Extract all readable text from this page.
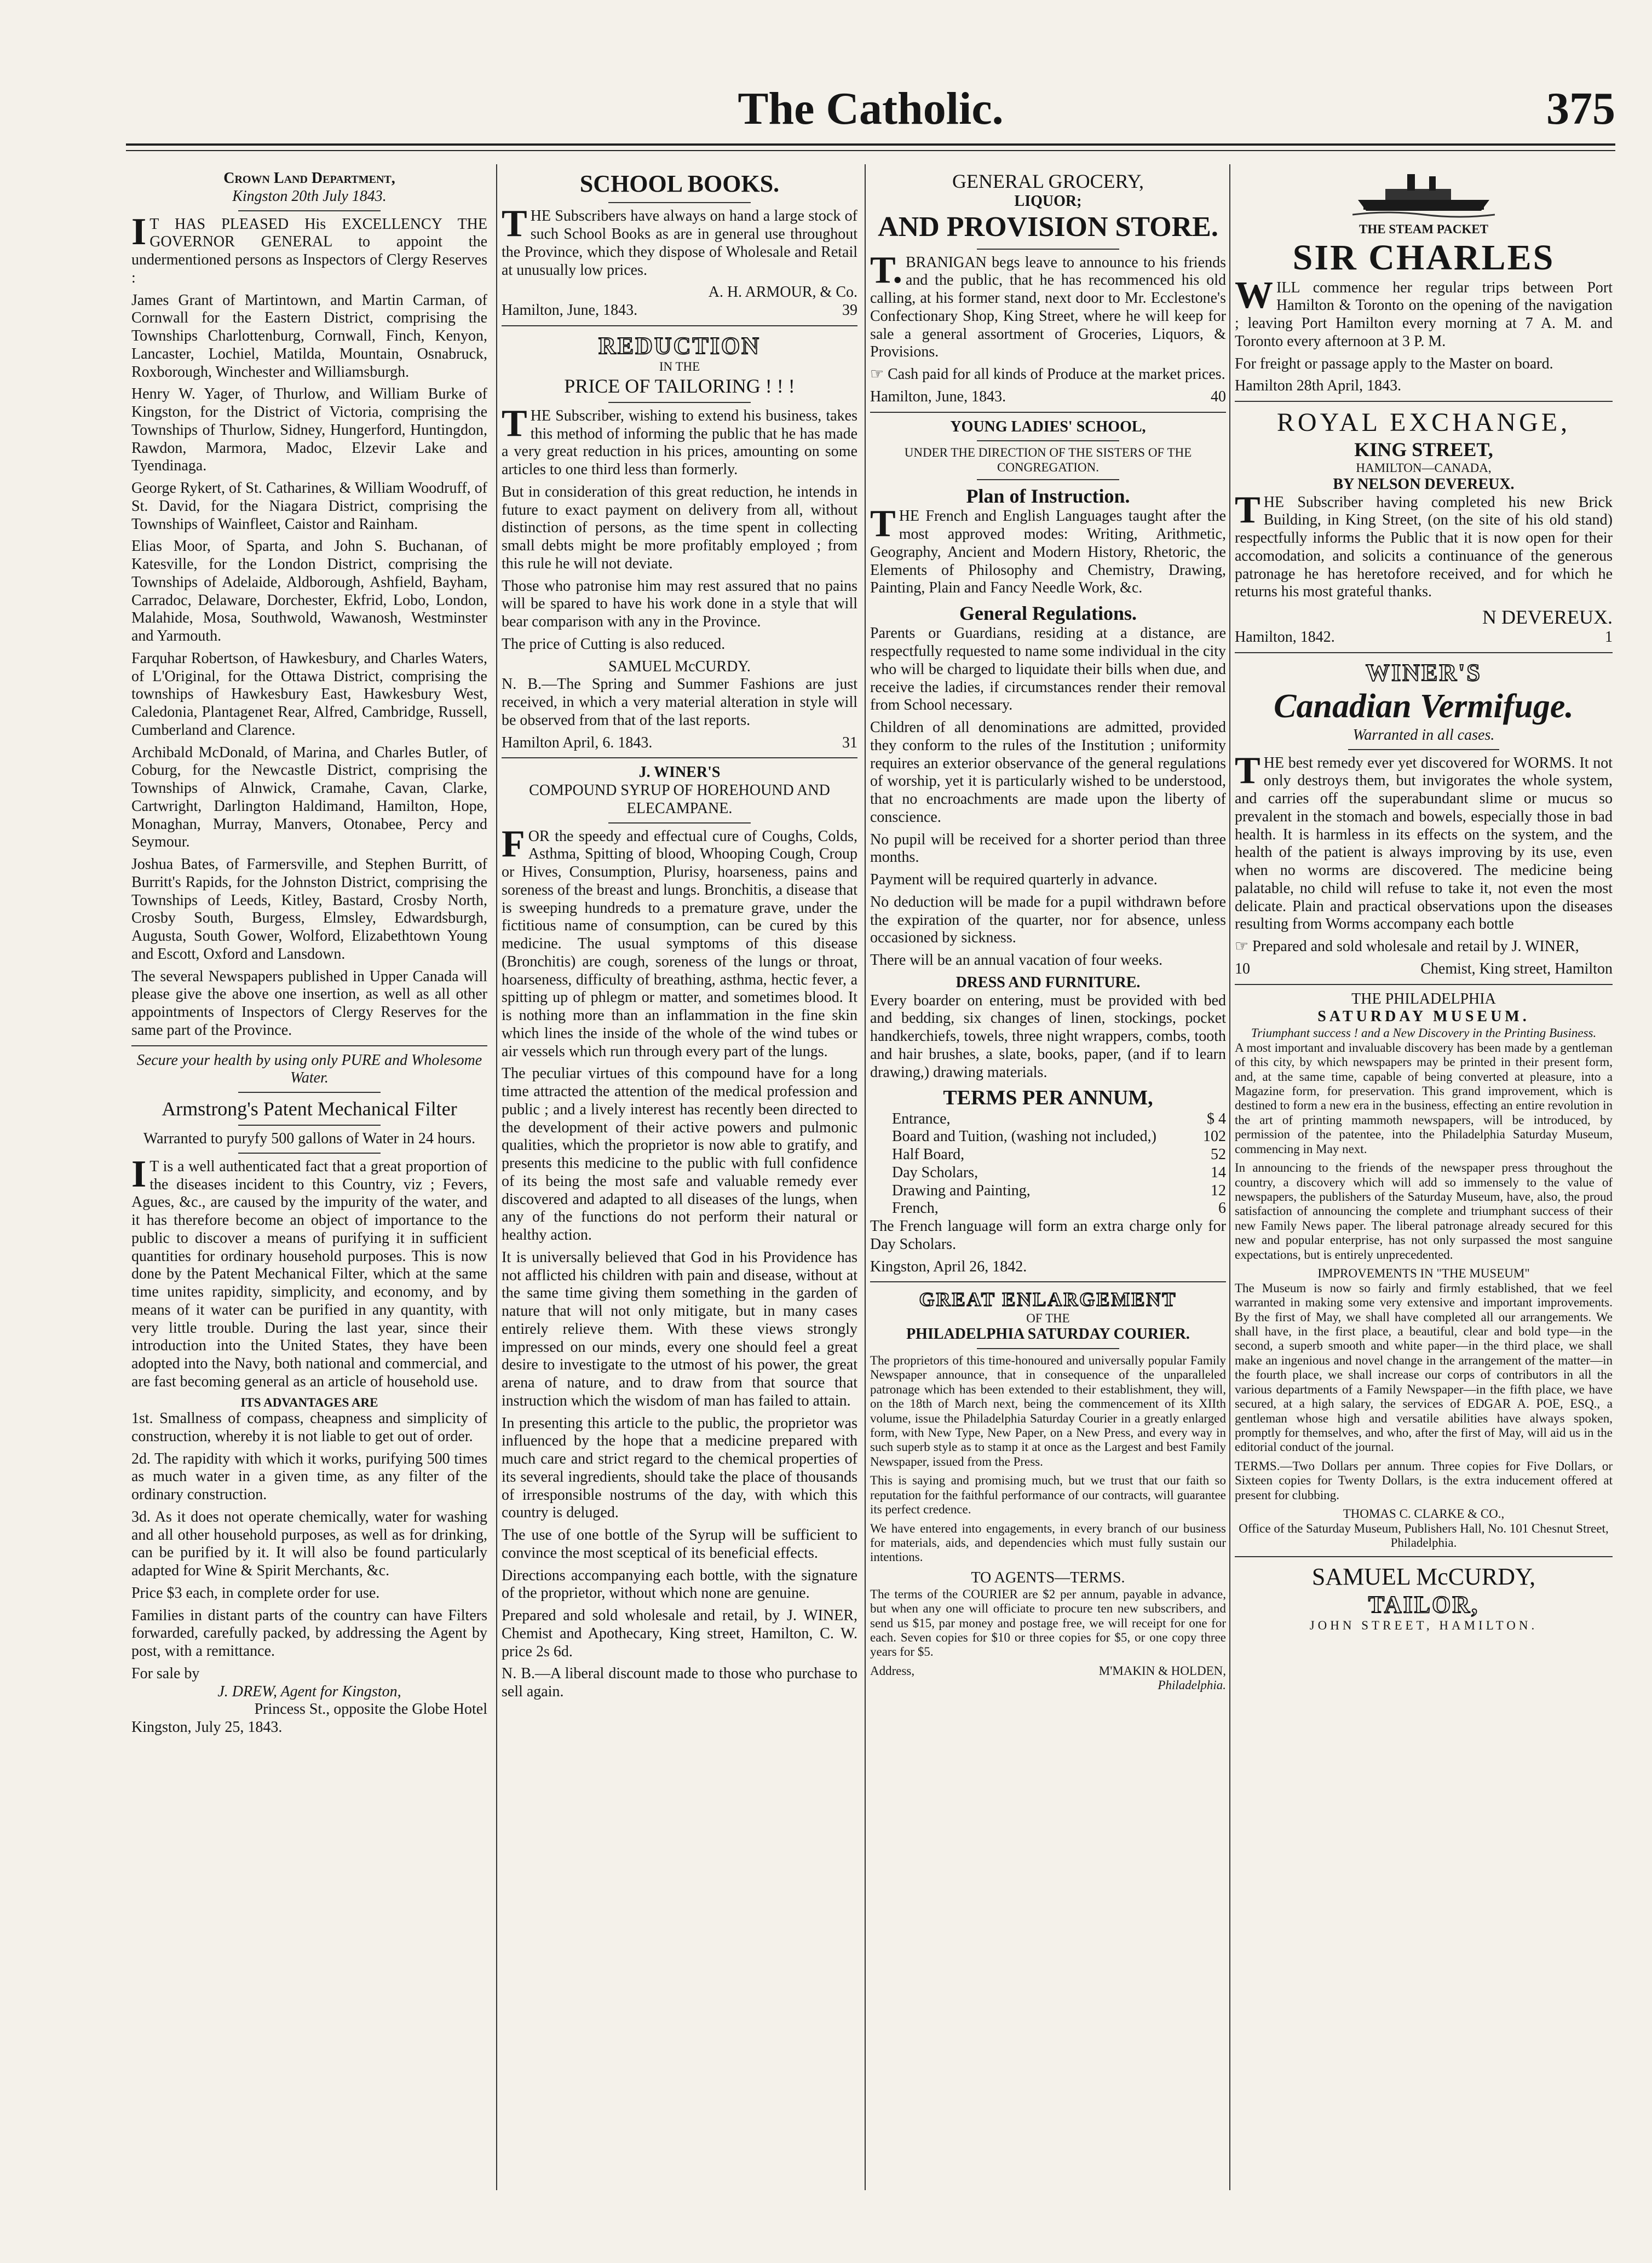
The Catholic.	375
Crown Land Department,
Kingston 20th July 1843.

IT HAS PLEASED His EXCELLENCY THE GOVERNOR GENERAL to appoint the undermentioned persons as Inspectors of Clergy Reserves :

James Grant of Martintown, and Martin Carman, of Cornwall for the Eastern District, comprising the Townships Charlottenburg, Cornwall, Finch, Kenyon, Lancaster, Lochiel, Matilda, Mountain, Osnabruck, Roxborough, Winchester and Williamsburgh.

Henry W. Yager, of Thurlow, and William Burke of Kingston, for the District of Victoria, comprising the Townships of Thurlow, Sidney, Hungerford, Huntingdon, Rawdon, Marmora, Madoc, Elzevir Lake and Tyendinaga.

George Rykert, of St. Catharines, & William Woodruff, of St. David, for the Niagara District, comprising the Townships of Wainfleet, Caistor and Rainham.

Elias Moor, of Sparta, and John S. Buchanan, of Katesville, for the London District, comprising the Townships of Adelaide, Aldborough, Ashfield, Bayham, Carradoc, Delaware, Dorchester, Ekfrid, Lobo, London, Malahide, Mosa, Southwold, Wawanosh, Westminster and Yarmouth.

Farquhar Robertson, of Hawkesbury, and Charles Waters, of L'Original, for the Ottawa District, comprising the townships of Hawkesbury East, Hawkesbury West, Caledonia, Plantagenet Rear, Alfred, Cambridge, Russell, Cumberland and Clarence.

Archibald McDonald, of Marina, and Charles Butler, of Coburg, for the Newcastle District, comprising the Townships of Alnwick, Cramahe, Cavan, Clarke, Cartwright, Darlington Haldimand, Hamilton, Hope, Monaghan, Murray, Manvers, Otonabee, Percy and Seymour.

Joshua Bates, of Farmersville, and Stephen Burritt, of Burritt's Rapids, for the Johnston District, comprising the Townships of Leeds, Kitley, Bastard, Crosby North, Crosby South, Burgess, Elmsley, Edwardsburgh, Augusta, South Gower, Wolford, Elizabethtown Young and Escott, Oxford and Lansdown.

The several Newspapers published in Upper Canada will please give the above one insertion, as well as all other appointments of Inspectors of Clergy Reserves for the same part of the Province.

Secure your health by using only PURE and Wholesome Water.
Armstrong's Patent Mechanical Filter
Warranted to puryfy 500 gallons of Water in 24 hours.

IT is a well authenticated fact that a great proportion of the diseases incident to this Country, viz ; Fevers, Agues, &c., are caused by the impurity of the water, and it has therefore become an object of importance to the public to discover a means of purifying it in sufficient quantities for ordinary household purposes. This is now done by the Patent Mechanical Filter, which at the same time unites rapidity, simplicity, and economy, and by means of it water can be purified in any quantity, with very little trouble. During the last year, since their introduction into the United States, they have been adopted into the Navy, both national and commercial, and are fast becoming general as an article of household use.

ITS ADVANTAGES ARE

1st. Smallness of compass, cheapness and simplicity of construction, whereby it is not liable to get out of order.

2d. The rapidity with which it works, purifying 500 times as much water in a given time, as any filter of the ordinary construction.

3d. As it does not operate chemically, water for washing and all other household purposes, as well as for drinking, can be purified by it. It will also be found particularly adapted for Wine & Spirit Merchants, &c.

Price $3 each, in complete order for use.

Families in distant parts of the country can have Filters forwarded, carefully packed, by addressing the Agent by post, with a remittance.

For sale by
J. DREW, Agent for Kingston,
Princess St., opposite the Globe Hotel
Kingston, July 25, 1843.
SCHOOL BOOKS.

THE Subscribers have always on hand a large stock of such School Books as are in general use throughout the Province, which they dispose of Wholesale and Retail at unusually low prices.

A. H. ARMOUR, & Co.
Hamilton, June, 1843.	39
REDUCTION
IN THE
PRICE OF TAILORING ! ! !

THE Subscriber, wishing to extend his business, takes this method of informing the public that he has made a very great reduction in his prices, amounting on some articles to one third less than formerly.

But in consideration of this great reduction, he intends in future to exact payment on delivery from all, without distinction of persons, as the time spent in collecting small debts might be more profitably employed ; from this rule he will not deviate.

Those who patronise him may rest assured that no pains will be spared to have his work done in a style that will bear comparison with any in the Province.

The price of Cutting is also reduced.

SAMUEL McCURDY.

N. B.—The Spring and Summer Fashions are just received, in which a very material alteration in style will be observed from that of the last reports.

Hamilton April, 6. 1843.	31
J. WINER'S
COMPOUND SYRUP OF HOREHOUND AND ELECAMPANE.

FOR the speedy and effectual cure of Coughs, Colds, Asthma, Spitting of blood, Whooping Cough, Croup or Hives, Consumption, Plurisy, hoarseness, pains and soreness of the breast and lungs. Bronchitis, a disease that is sweeping hundreds to a premature grave, under the fictitious name of consumption, can be cured by this medicine. The usual symptoms of this disease (Bronchitis) are cough, soreness of the lungs or throat, hoarseness, difficulty of breathing, asthma, hectic fever, a spitting up of phlegm or matter, and sometimes blood. It is nothing more than an inflammation in the fine skin which lines the inside of the whole of the wind tubes or air vessels which run through every part of the lungs.

The peculiar virtues of this compound have for a long time attracted the attention of the medical profession and public ; and a lively interest has recently been directed to the development of their active powers and pulmonic qualities, which the proprietor is now able to gratify, and presents this medicine to the public with full confidence of its being the most safe and valuable remedy ever discovered and adapted to all diseases of the lungs, when any of the functions do not perform their natural or healthy action.

It is universally believed that God in his Providence has not afflicted his children with pain and disease, without at the same time giving them something in the garden of nature that will not only mitigate, but in many cases entirely relieve them. With these views strongly impressed on our minds, every one should feel a great desire to investigate to the utmost of his power, the great arena of nature, and to draw from that source that instruction which the wisdom of man has failed to attain.

In presenting this article to the public, the proprietor was influenced by the hope that a medicine prepared with much care and strict regard to the chemical properties of its several ingredients, should take the place of thousands of irresponsible nostrums of the day, with which this country is deluged.

The use of one bottle of the Syrup will be sufficient to convince the most sceptical of its beneficial effects.

Directions accompanying each bottle, with the signature of the proprietor, without which none are genuine.

Prepared and sold wholesale and retail, by J. WINER, Chemist and Apothecary, King street, Hamilton, C. W. price 2s 6d.

N. B.—A liberal discount made to those who purchase to sell again.

GENERAL GROCERY,
LIQUOR;
AND PROVISION STORE.

T.BRANIGAN begs leave to announce to his friends and the public, that he has recommenced his old calling, at his former stand, next door to Mr. Ecclestone's Confectionary Shop, King Street, where he will keep for sale a general assortment of Groceries, Liquors, & Provisions.

☞ Cash paid for all kinds of Produce at the market prices.

Hamilton, June, 1843.	40
YOUNG LADIES' SCHOOL,
UNDER THE DIRECTION OF THE SISTERS OF THE CONGREGATION.
Plan of Instruction.

THE French and English Languages taught after the most approved modes: Writing, Arithmetic, Geography, Ancient and Modern History, Rhetoric, the Elements of Philosophy and Chemistry, Drawing, Painting, Plain and Fancy Needle Work, &c.

General Regulations.

Parents or Guardians, residing at a distance, are respectfully requested to name some individual in the city who will be charged to liquidate their bills when due, and receive the ladies, if circumstances render their removal from School necessary.

Children of all denominations are admitted, provided they conform to the rules of the Institution ; uniformity requires an exterior observance of the general regulations of worship, yet it is particularly wished to be understood, that no encroachments are made upon the liberty of conscience.

No pupil will be received for a shorter period than three months.

Payment will be required quarterly in advance.

No deduction will be made for a pupil withdrawn before the expiration of the quarter, nor for absence, unless occasioned by sickness.

There will be an annual vacation of four weeks.

DRESS AND FURNITURE.

Every boarder on entering, must be provided with bed and bedding, six changes of linen, stockings, pocket handkerchiefs, towels, three night wrappers, combs, tooth and hair brushes, a slate, books, paper, (and if to learn drawing,) drawing materials.

TERMS PER ANNUM,
Entrance,	$ 4
Board and Tuition, (washing not included,)	102
Half Board,	52
Day Scholars,	14
Drawing and Painting,	12
French,	6

The French language will form an extra charge only for Day Scholars.

Kingston, April 26, 1842.
GREAT ENLARGEMENT
OF THE
PHILADELPHIA SATURDAY COURIER.

The proprietors of this time-honoured and universally popular Family Newspaper announce, that in consequence of the unparalleled patronage which has been extended to their establishment, they will, on the 18th of March next, being the commencement of its XIIth volume, issue the Philadelphia Saturday Courier in a greatly enlarged form, with New Type, New Paper, on a New Press, and every way in such superb style as to stamp it at once as the Largest and best Family Newspaper, issued from the Press.

This is saying and promising much, but we trust that our faith so reputation for the faithful performance of our contracts, will guarantee its perfect credence.

We have entered into engagements, in every branch of our business for materials, aids, and dependencies which must fully sustain our intentions.

TO AGENTS—TERMS.

The terms of the COURIER are $2 per annum, payable in advance, but when any one will officiate to procure ten new subscribers, and send us $15, par money and postage free, we will receipt for one for each. Seven copies for $10 or three copies for $5, or one copy three years for $5.

Address,	M'MAKIN & HOLDEN,
Philadelphia.
THE STEAM PACKET
SIR CHARLES

WILL commence her regular trips between Port Hamilton & Toronto on the opening of the navigation ; leaving Port Hamilton every morning at 7 A. M. and Toronto every afternoon at 3 P. M.

For freight or passage apply to the Master on board.

Hamilton 28th April, 1843.
ROYAL EXCHANGE,
KING STREET,
HAMILTON—CANADA,
BY NELSON DEVEREUX.

THE Subscriber having completed his new Brick Building, in King Street, (on the site of his old stand) respectfully informs the Public that it is now open for their accomodation, and solicits a continuance of the generous patronage he has heretofore received, and for which he returns his most grateful thanks.

N DEVEREUX.
Hamilton, 1842.	1
WINER'S
Canadian Vermifuge.
Warranted in all cases.

THE best remedy ever yet discovered for WORMS. It not only destroys them, but invigorates the whole system, and carries off the superabundant slime or mucus so prevalent in the stomach and bowels, especially those in bad health. It is harmless in its effects on the system, and the health of the patient is always improving by its use, even when no worms are discovered. The medicine being palatable, no child will refuse to take it, not even the most delicate. Plain and practical observations upon the diseases resulting from Worms accompany each bottle

☞ Prepared and sold wholesale and retail by J. WINER,

10	Chemist, King street, Hamilton
THE PHILADELPHIA
SATURDAY MUSEUM.
Triumphant success ! and a New Discovery in the Printing Business.

A most important and invaluable discovery has been made by a gentleman of this city, by which newspapers may be printed in their present form, and, at the same time, capable of being converted at pleasure, into a Magazine form, for preservation. This grand improvement, which is destined to form a new era in the business, effecting an entire revolution in the art of printing mammoth newspapers, will be introduced, by permission of the patentee, into the Philadelphia Saturday Museum, commencing in May next.

In announcing to the friends of the newspaper press throughout the country, a discovery which will add so immensely to the value of newspapers, the publishers of the Saturday Museum, have, also, the proud satisfaction of announcing the complete and triumphant success of their new Family News paper. The liberal patronage already secured for this new and popular enterprise, has not only surpassed the most sanguine expectations, but is entirely unprecedented.

IMPROVEMENTS IN "THE MUSEUM"

The Museum is now so fairly and firmly established, that we feel warranted in making some very extensive and important improvements. By the first of May, we shall have completed all our arrangements. We shall have, in the first place, a beautiful, clear and bold type—in the second, a superb smooth and white paper—in the third place, we shall make an ingenious and novel change in the arrangement of the matter—in the fourth place, we shall increase our corps of contributors in all the various departments of a Family Newspaper—in the fifth place, we have secured, at a high salary, the services of EDGAR A. POE, ESQ., a gentleman whose high and versatile abilities have always spoken, promptly for themselves, and who, after the first of May, will aid us in the editorial conduct of the journal.

TERMS.—Two Dollars per annum. Three copies for Five Dollars, or Sixteen copies for Twenty Dollars, is the extra inducement offered at present for clubbing.

THOMAS C. CLARKE & CO.,
Office of the Saturday Museum, Publishers Hall, No. 101 Chesnut Street, Philadelphia.
SAMUEL McCURDY,
TAILOR,
JOHN STREET, HAMILTON.
